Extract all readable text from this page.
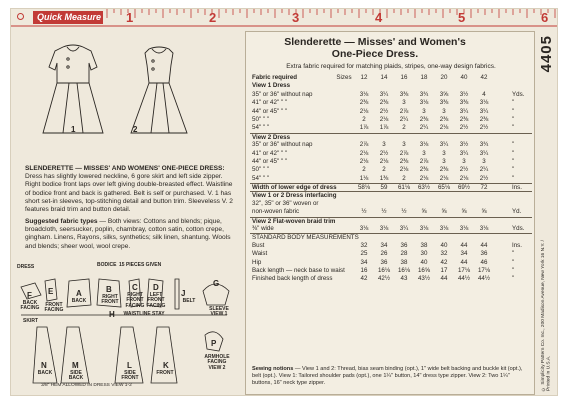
Quick Measure 1	2	3	4	5	6
1	2
SLENDERETTE — MISSES' AND WOMENS' ONE-PIECE DRESS: Dress has slightly lowered neckline, 6 gore skirt and left side zipper. Right bodice front laps over left giving double-breasted effect. Waistline of bodice front and back is gathered. Belt is self or purchased. V. 1 has short set-in sleeves, top-stitching detail and button trim. Sleeveless V. 2 features braid trim and button detail.
Suggested fabric types — Both views: Cottons and blends; pique, broadcloth, seersucker, poplin, chambray, cotton satin, cotton crepe, gingham. Linens, Rayons, silks, synthetics; silk linen, shantung. Wools and blends; sheer wool, wool crepe.
DRESS	BODICE 15 PIECES GIVEN
SKIRT
F
BACK FACING
E
FRONT FACING
A
BACK
B
RIGHT FRONT
C
RIGHT FRONT FACING
D
LEFT FRONT FACING
J
BELT
G
SLEEVE VIEW 1
H	WAISTLINE STAY
N
BACK
M
SIDE BACK
L
SIDE FRONT
K
FRONT
P
ARMHOLE FACING VIEW 2
3/8" HEM ALLOWED IN DRESS VIEW 1-2
Slenderette — Misses' and Women's
One-Piece Dress.
Extra fabric required for matching plaids, stripes, one-way design fabrics.
Fabric required	Sizes	12	14	16	18	20	40	42
View 1 Dress
35" or 36" without nap	3⅛	3¼	3⅜	3¾	3⅝	3½	4	Yds.
41" or 42" " "	2⅜	2⅜	3	3⅛	3⅜	3⅜	3⅛	"
44" or 45" " "	2⅛	2½	2⅞	3	3	3¼	3¼	"
50" " "	2	2⅛	2¼	2⅜	2⅜	2⅜	2⅜	"
54" " "	1⅞	1⅞	2	2¼	2⅛	2½	2½	"
View 2 Dress
35" or 36" without nap	2⅞	3	3	3⅛	3¼	3½	3¾	"
41" or 42" " "	2⅛	2½	2⅞	3	3	3¼	3¼	"
44" or 45" " "	2⅛	2⅛	2⅜	2⅞	3	3	3	"
50" " "	2	2	2⅛	2⅜	2⅜	2½	2¼	"
54" " "	1⅛	1⅜	2	2⅛	2⅛	2⅛	2½	"
Width of lower edge of dress	58⅛	59	61⅛	63½	65⅛	69½	72	Ins.
View 1 or 2 Dress interfacing
32", 35" or 36" woven or
non-woven fabric	½	½	½	⅝	⅝	⅝	⅝	Yd.
View 2 Flat-woven braid trim
⅜" wide	3⅛	3⅛	3¼	3⅛	3⅛	3⅛	3⅛	Yds.
STANDARD BODY MEASUREMENTS
Bust	32	34	36	38	40	44	44	Ins.
Waist	25	26	28	30	32	34	36	"
Hip	34	36	38	40	42	44	46	"
Back length — neck base to waist	16	16⅛	16⅛	16⅝	17	17⅛	17⅛	"
Finished back length of dress	42	42½	43	43½	44	44½	44½	"
Sewing notions — View 1 and 2: Thread, bias seam binding (opt.), 1" wide belt backing and buckle kit (opt.), belt (opt.). View 1: Tailored shoulder pads (opt.), one 1¼" button, 14" dress type zipper. View 2: Two 1¼" buttons, 16" neck type zipper.
4405
© Simplicity Pattern Co. Inc., 200 Madison Avenue, New York 16 N.Y. / Printed in U.S.A.
